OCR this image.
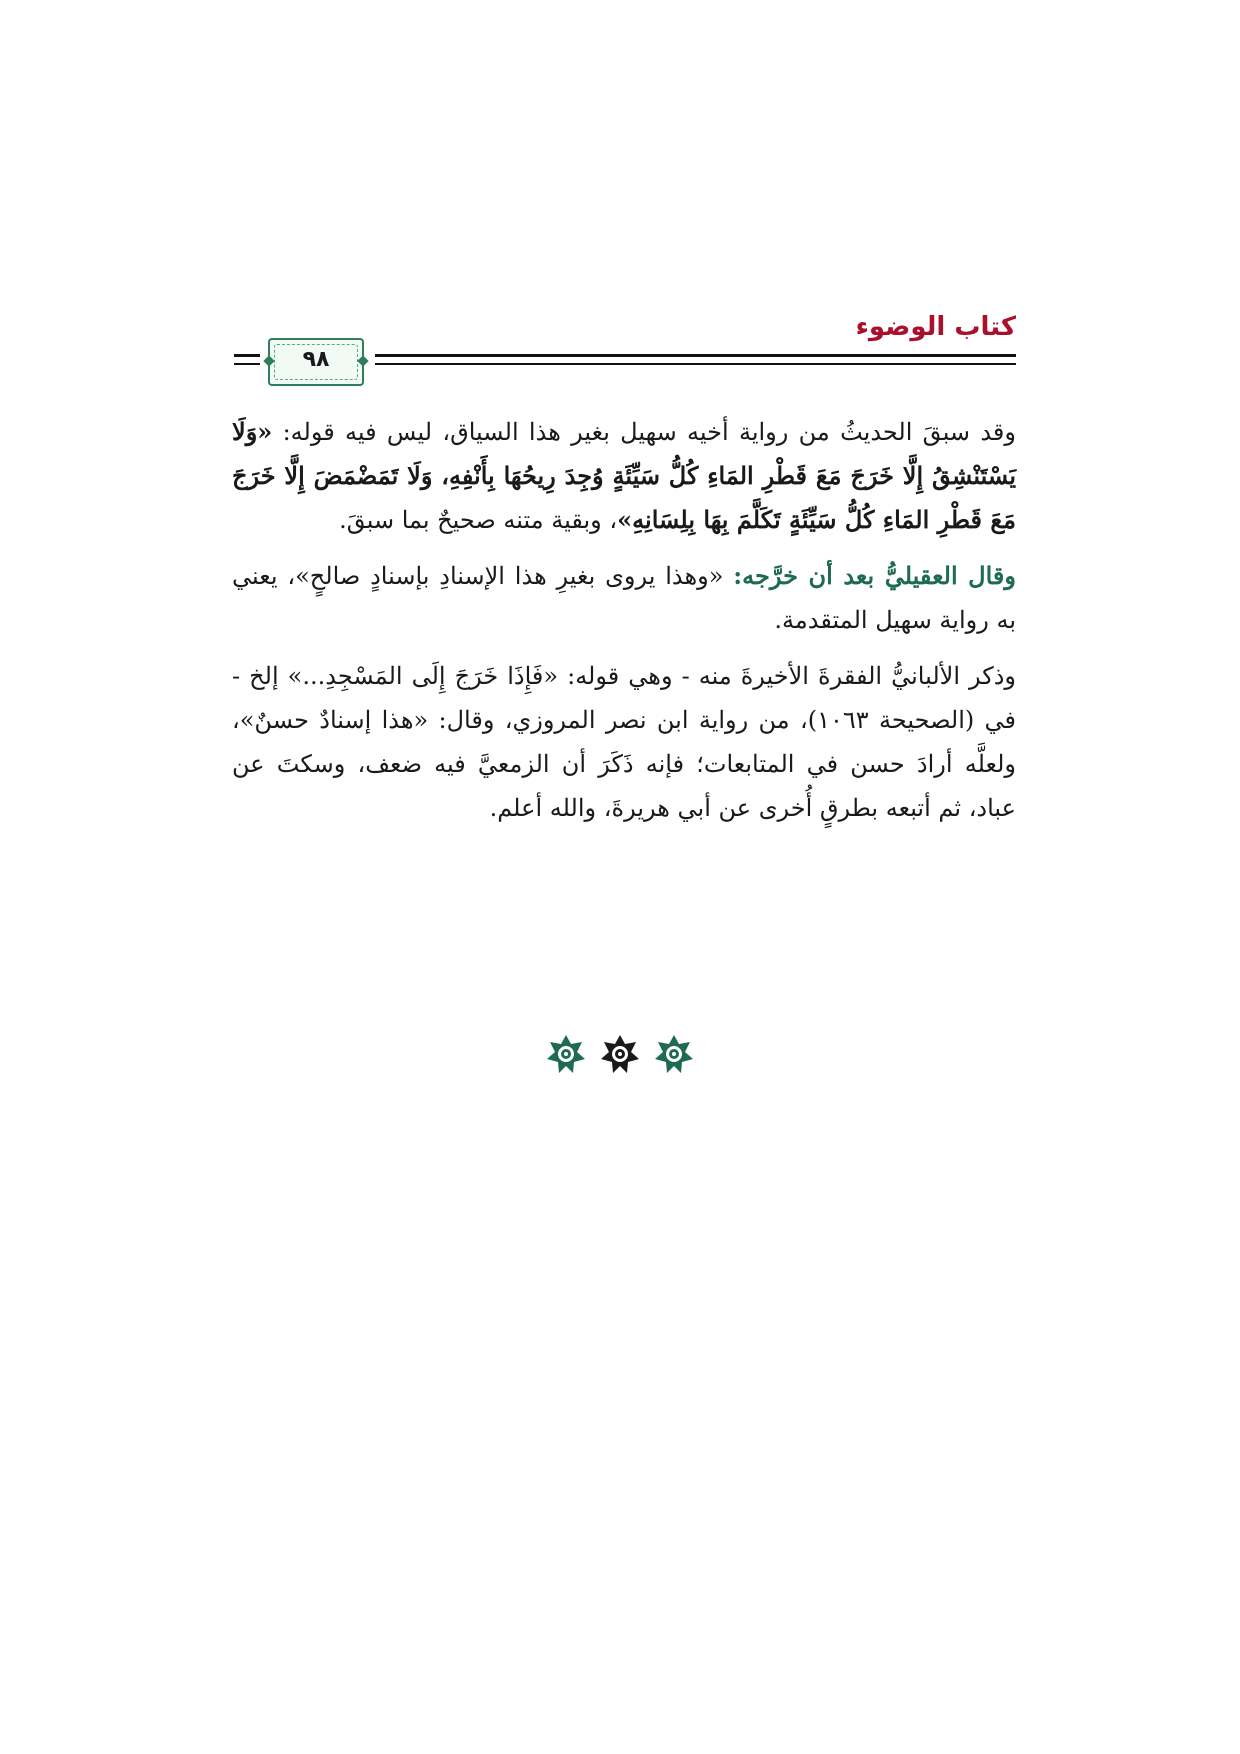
كتاب الوضوء
٩٨

وقد سبقَ الحديثُ من رواية أخيه سهيل بغير هذا السياق، ليس فيه قوله: «وَلَا يَسْتَنْشِقُ إِلَّا خَرَجَ مَعَ قَطْرِ المَاءِ كُلُّ سَيِّئَةٍ وُجِدَ رِيحُهَا بِأَنْفِهِ، وَلَا تَمَضْمَضَ إِلَّا خَرَجَ مَعَ قَطْرِ المَاءِ كُلُّ سَيِّئَةٍ تَكَلَّمَ بِهَا بِلِسَانِهِ»، وبقية متنه صحيحٌ بما سبقَ.

وقال العقيليُّ بعد أن خرَّجه: «وهذا يروى بغيرِ هذا الإسنادِ بإسنادٍ صالحٍ»، يعني به رواية سهيل المتقدمة.

وذكر الألبانيُّ الفقرةَ الأخيرةَ منه - وهي قوله: «فَإِذَا خَرَجَ إِلَى المَسْجِدِ...» إلخ - في (الصحيحة ١٠٦٣)، من رواية ابن نصر المروزي، وقال: «هذا إسنادٌ حسنٌ»، ولعلَّه أرادَ حسن في المتابعات؛ فإنه ذَكَرَ أن الزمعيَّ فيه ضعف، وسكتَ عن عباد، ثم أتبعه بطرقٍ أُخرى عن أبي هريرةَ، والله أعلم.
